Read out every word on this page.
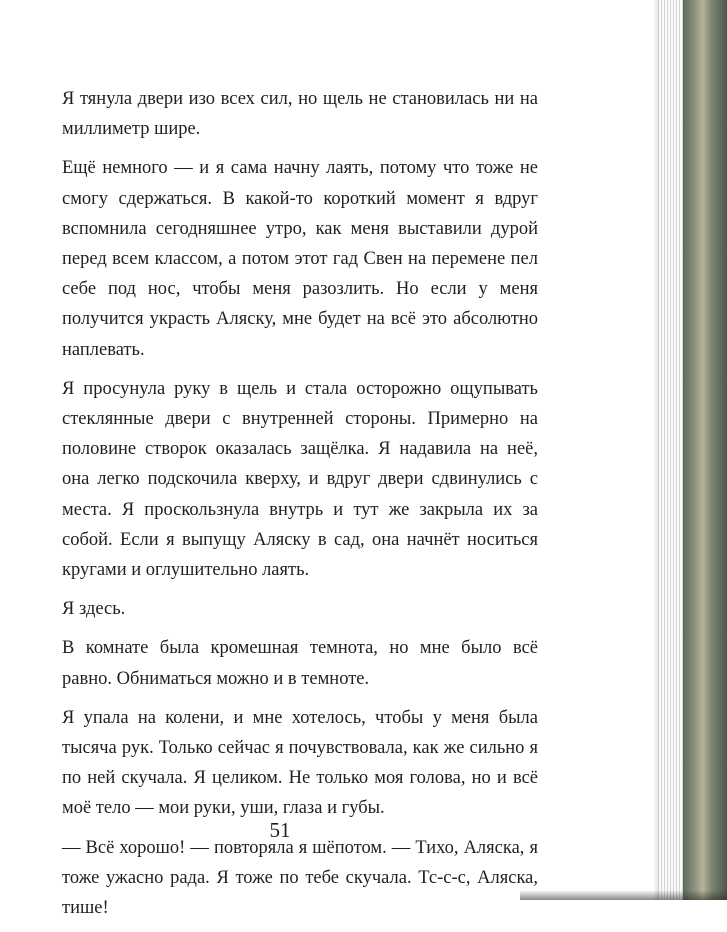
Я тянула двери изо всех сил, но щель не становилась ни на миллиметр шире.

Ещё немного — и я сама начну лаять, потому что тоже не смогу сдержаться. В какой-то короткий момент я вдруг вспомнила сегодняшнее утро, как меня выставили дурой перед всем классом, а потом этот гад Свен на перемене пел себе под нос, чтобы меня разозлить. Но если у меня получится украсть Аляску, мне будет на всё это абсолютно наплевать.

Я просунула руку в щель и стала осторожно ощупывать стеклянные двери с внутренней стороны. Примерно на половине створок оказалась защёлка. Я надавила на неё, она легко подскочила кверху, и вдруг двери сдвинулись с места. Я проскользнула внутрь и тут же закрыла их за собой. Если я выпущу Аляску в сад, она начнёт носиться кругами и оглушительно лаять.

Я здесь.

В комнате была кромешная темнота, но мне было всё равно. Обниматься можно и в темноте.

Я упала на колени, и мне хотелось, чтобы у меня была тысяча рук. Только сейчас я почувствовала, как же сильно я по ней скучала. Я целиком. Не только моя голова, но и всё моё тело — мои руки, уши, глаза и губы.

— Всё хорошо! — повторяла я шёпотом. — Тихо, Аляска, я тоже ужасно рада. Я тоже по тебе скучала. Тс-с-с, Аляска, тише!

51
